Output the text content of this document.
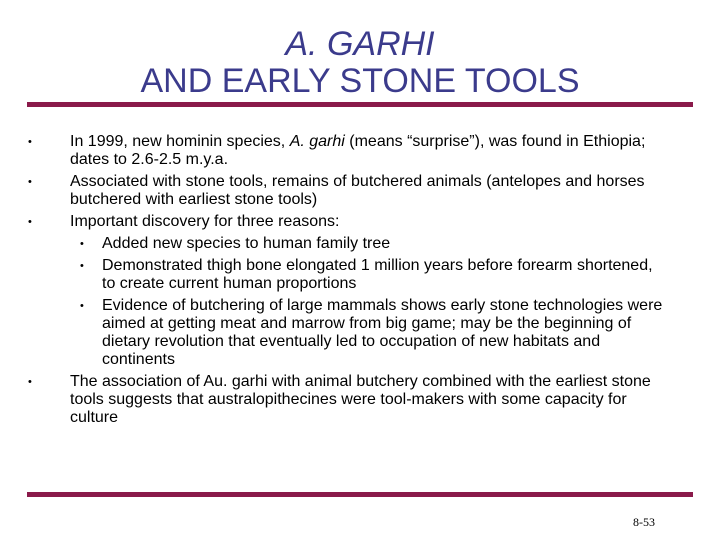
A. GARHI
AND EARLY STONE TOOLS
•	In 1999, new hominin species, A. garhi (means “surprise”), was found in Ethiopia; dates to 2.6-2.5 m.y.a.
•	Associated with stone tools, remains of butchered animals (antelopes and horses butchered with earliest stone tools)
•	Important discovery for three reasons:
• Added new species to human family tree
• Demonstrated thigh bone elongated 1 million years before forearm shortened, to create current human proportions
• Evidence of butchering of large mammals shows early stone technologies were aimed at getting meat and marrow from big game; may be the beginning of dietary revolution that eventually led to occupation of new habitats and continents
•	The association of Au. garhi with animal butchery combined with the earliest stone tools suggests that australopithecines were tool-makers with some capacity for culture
8-53
